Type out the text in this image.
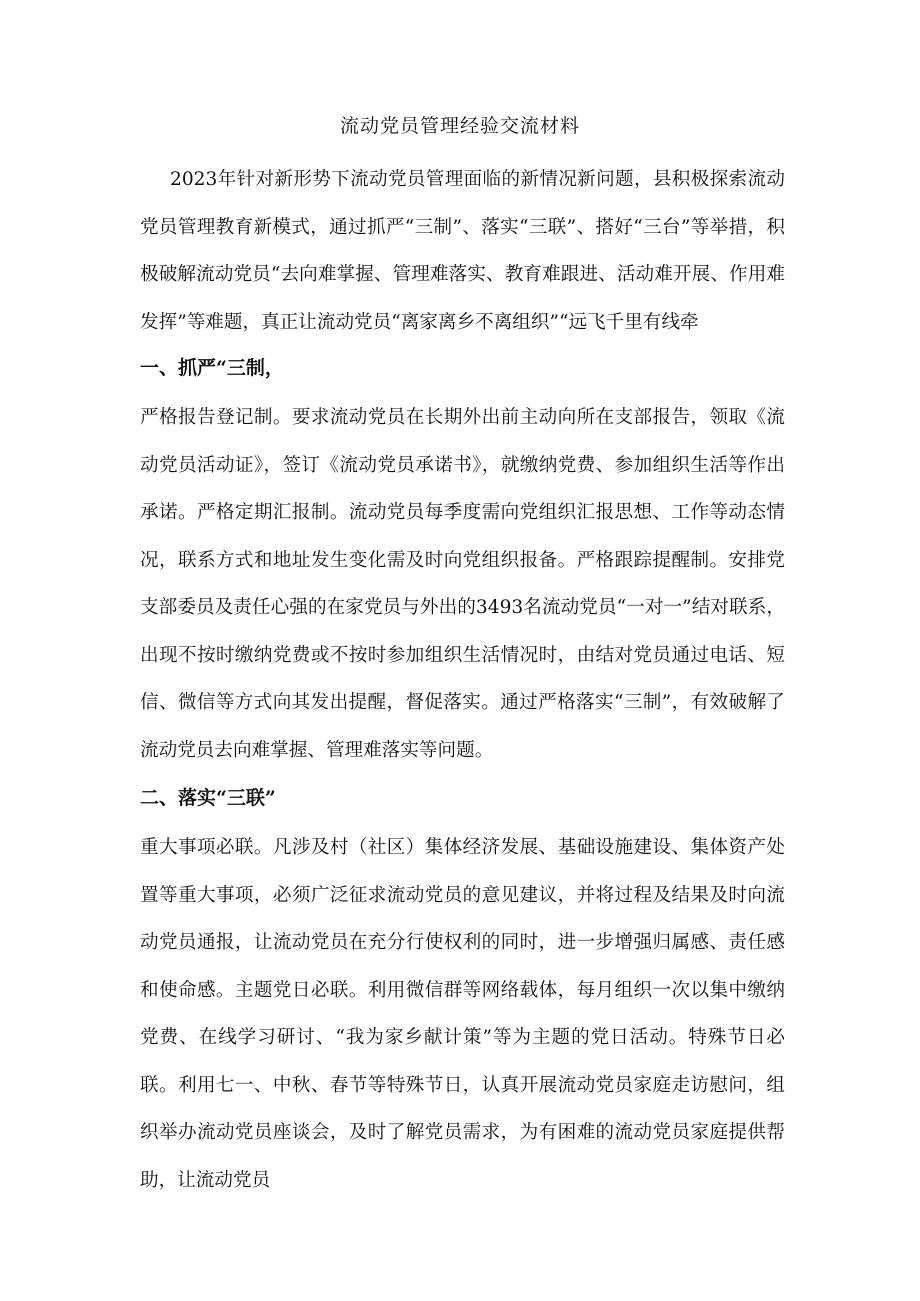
流动党员管理经验交流材料

2023年针对新形势下流动党员管理面临的新情况新问题，县积极探索流动党员管理教育新模式，通过抓严“三制”、落实“三联”、搭好“三台”等举措，积极破解流动党员“去向难掌握、管理难落实、教育难跟进、活动难开展、作用难发挥”等难题，真正让流动党员“离家离乡不离组织”“远飞千里有线牵

一、抓严“三制，

严格报告登记制。要求流动党员在长期外出前主动向所在支部报告，领取《流动党员活动证》，签订《流动党员承诺书》，就缴纳党费、参加组织生活等作出承诺。严格定期汇报制。流动党员每季度需向党组织汇报思想、工作等动态情况，联系方式和地址发生变化需及时向党组织报备。严格跟踪提醒制。安排党支部委员及责任心强的在家党员与外出的3493名流动党员“一对一”结对联系，出现不按时缴纳党费或不按时参加组织生活情况时，由结对党员通过电话、短信、微信等方式向其发出提醒，督促落实。通过严格落实“三制”，有效破解了流动党员去向难掌握、管理难落实等问题。

二、落实“三联”

重大事项必联。凡涉及村（社区）集体经济发展、基础设施建设、集体资产处置等重大事项，必须广泛征求流动党员的意见建议，并将过程及结果及时向流动党员通报，让流动党员在充分行使权利的同时，进一步增强归属感、责任感和使命感。主题党日必联。利用微信群等网络载体，每月组织一次以集中缴纳党费、在线学习研讨、“我为家乡献计策”等为主题的党日活动。特殊节日必联。利用七一、中秋、春节等特殊节日，认真开展流动党员家庭走访慰问，组织举办流动党员座谈会，及时了解党员需求，为有困难的流动党员家庭提供帮助，让流动党员
